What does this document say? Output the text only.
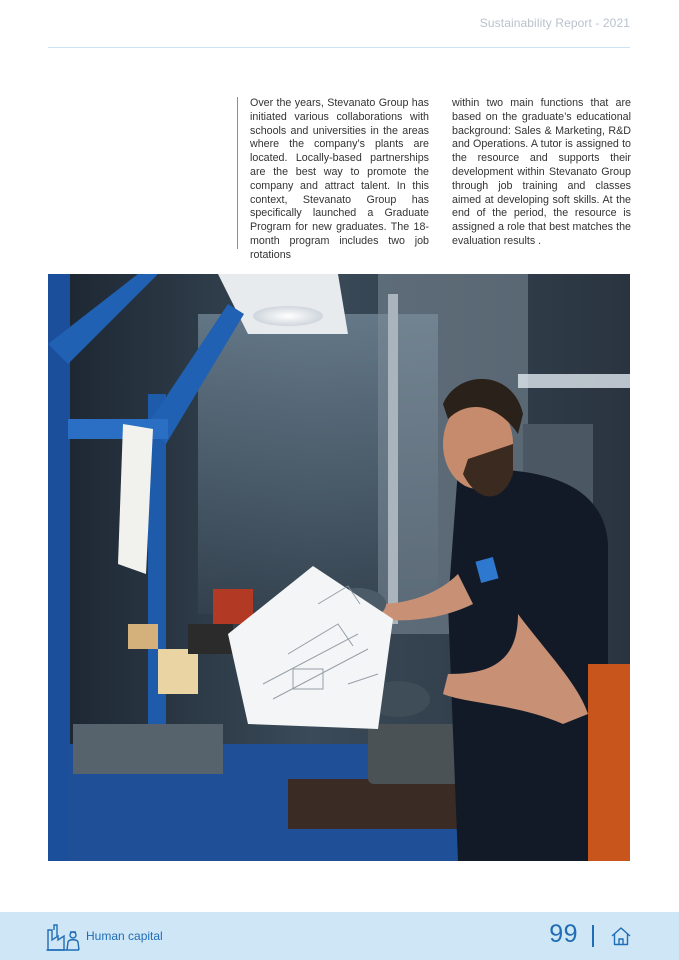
Sustainability Report - 2021
Over the years, Stevanato Group has initiated various collaborations with schools and universities in the areas where the company’s plants are located. Locally-based partnerships are the best way to promote the company and attract talent. In this context, Stevanato Group has specifically launched a Graduate Program for new graduates. The 18-month program includes two job rotations
within two main functions that are based on the graduate’s educational background: Sales & Marketing, R&D and Operations. A tutor is assigned to the resource and supports their development within Stevanato Group through job training and classes aimed at developing soft skills. At the end of the period, the resource is assigned a role that best matches the evaluation results .
Human capital	99
